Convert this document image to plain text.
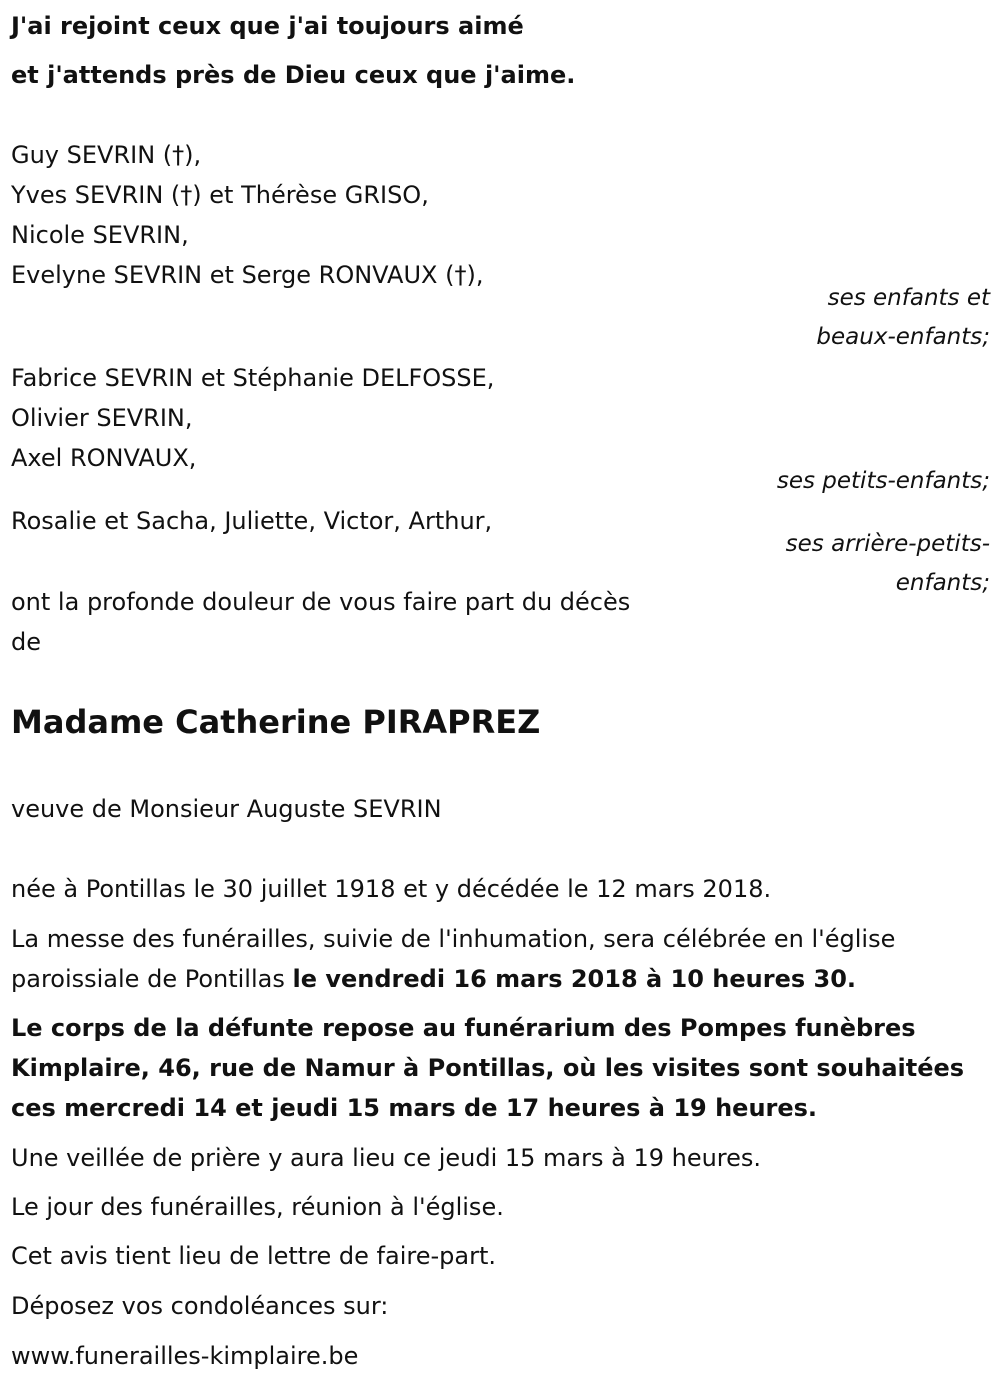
J'ai rejoint ceux que j'ai toujours aimé
et j'attends près de Dieu ceux que j'aime.
Guy SEVRIN (†),
Yves SEVRIN (†) et Thérèse GRISO,
Nicole SEVRIN,
Evelyne SEVRIN et Serge RONVAUX (†),
ses enfants et
beaux-enfants;
Fabrice SEVRIN et Stéphanie DELFOSSE,
Olivier SEVRIN,
Axel RONVAUX,
ses petits-enfants;
Rosalie et Sacha, Juliette, Victor, Arthur,
ses arrière-petits-
enfants;
ont la profonde douleur de vous faire part du décès
de
Madame Catherine PIRAPREZ
veuve de Monsieur Auguste SEVRIN
née à Pontillas le 30 juillet 1918 et y décédée le 12 mars 2018.
La messe des funérailles, suivie de l'inhumation, sera célébrée en l'église
paroissiale de Pontillas le vendredi 16 mars 2018 à 10 heures 30.
Le corps de la défunte repose au funérarium des Pompes funèbres
Kimplaire, 46, rue de Namur à Pontillas, où les visites sont souhaitées
ces mercredi 14 et jeudi 15 mars de 17 heures à 19 heures.
Une veillée de prière y aura lieu ce jeudi 15 mars à 19 heures.
Le jour des funérailles, réunion à l'église.
Cet avis tient lieu de lettre de faire-part.
Déposez vos condoléances sur:
www.funerailles-kimplaire.be
